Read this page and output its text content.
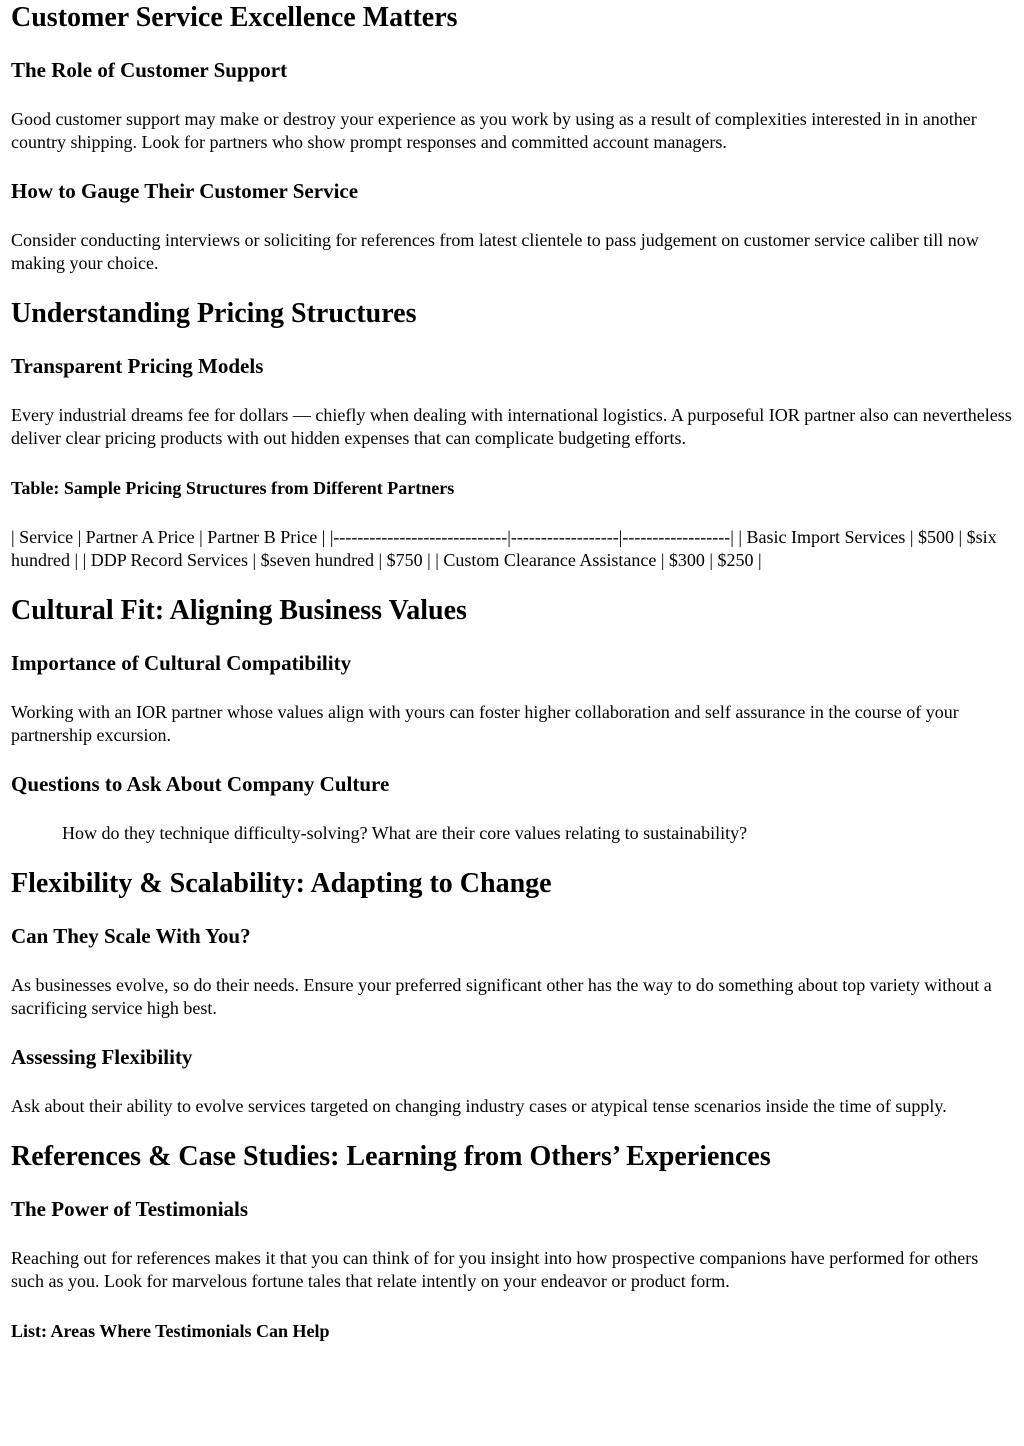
Customer Service Excellence Matters
The Role of Customer Support

Good customer support may make or destroy your experience as you work by using as a result of complexities interested in in another country shipping. Look for partners who show prompt responses and committed account managers.

How to Gauge Their Customer Service

Consider conducting interviews or soliciting for references from latest clientele to pass judgement on customer service caliber till now making your choice.

Understanding Pricing Structures
Transparent Pricing Models

Every industrial dreams fee for dollars — chiefly when dealing with international logistics. A purposeful IOR partner also can nevertheless deliver clear pricing products with out hidden expenses that can complicate budgeting efforts.

Table: Sample Pricing Structures from Different Partners

| Service | Partner A Price | Partner B Price | |-----------------------------|------------------|------------------| | Basic Import Services | $500 | $six hundred | | DDP Record Services | $seven hundred | $750 | | Custom Clearance Assistance | $300 | $250 |

Cultural Fit: Aligning Business Values
Importance of Cultural Compatibility

Working with an IOR partner whose values align with yours can foster higher collaboration and self assurance in the course of your partnership excursion.

Questions to Ask About Company Culture
How do they technique difficulty-solving? What are their core values relating to sustainability?
Flexibility & Scalability: Adapting to Change
Can They Scale With You?

As businesses evolve, so do their needs. Ensure your preferred significant other has the way to do something about top variety without a sacrificing service high best.

Assessing Flexibility

Ask about their ability to evolve services targeted on changing industry cases or atypical tense scenarios inside the time of supply.

References & Case Studies: Learning from Others’ Experiences
The Power of Testimonials

Reaching out for references makes it that you can think of for you insight into how prospective companions have performed for others such as you. Look for marvelous fortune tales that relate intently on your endeavor or product form.

List: Areas Where Testimonials Can Help
